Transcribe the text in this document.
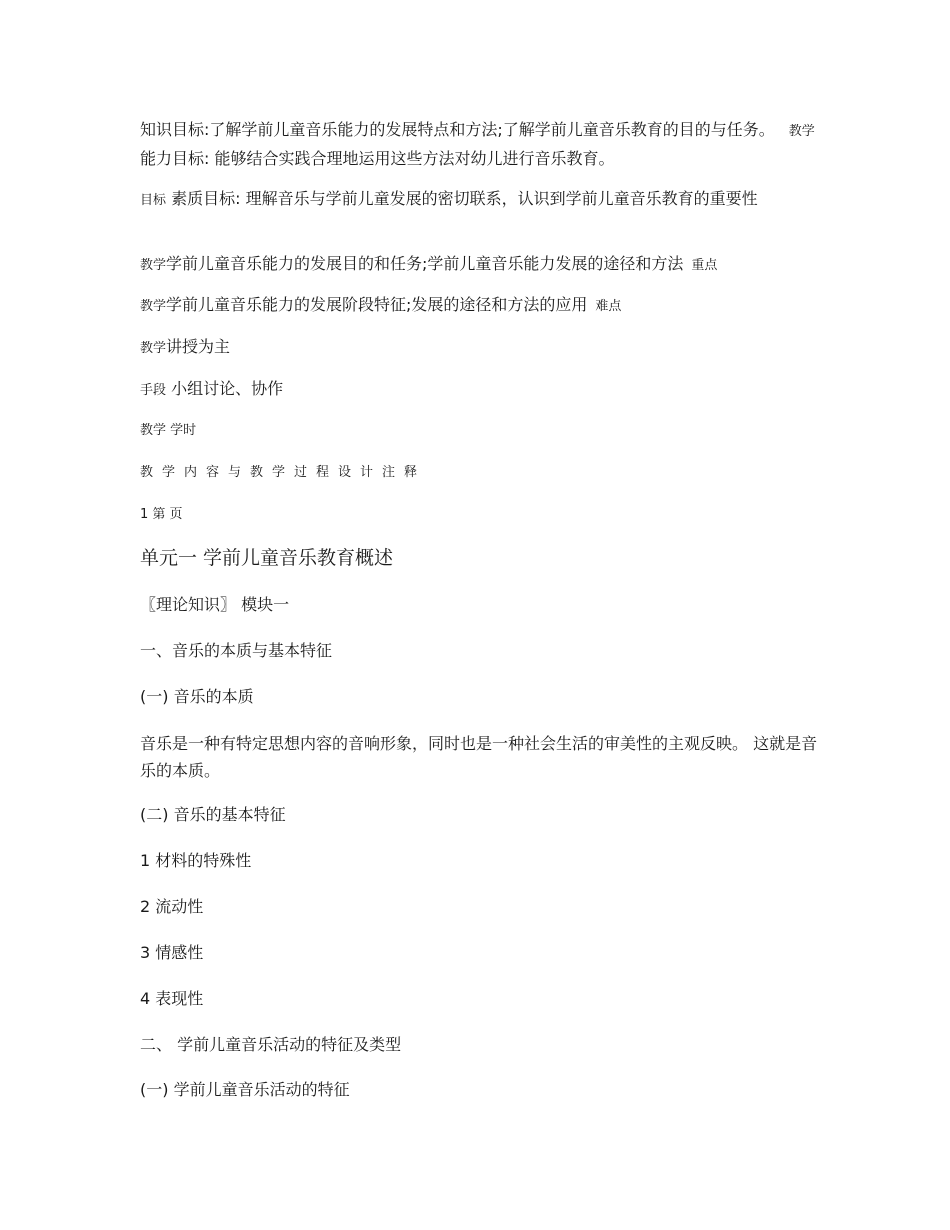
知识目标:了解学前儿童音乐能力的发展特点和方法;了解学前儿童音乐教育的目的与任务。 教学能力目标: 能够结合实践合理地运用这些方法对幼儿进行音乐教育。
目标 素质目标: 理解音乐与学前儿童发展的密切联系，认识到学前儿童音乐教育的重要性
教学学前儿童音乐能力的发展目的和任务;学前儿童音乐能力发展的途径和方法 重点
教学学前儿童音乐能力的发展阶段特征;发展的途径和方法的应用 难点
教学讲授为主
手段 小组讨论、协作
教学 学时
教学内容与教学过程设计注释
1 第 页
单元一 学前儿童音乐教育概述
〖理论知识〗 模块一
一、音乐的本质与基本特征
(一) 音乐的本质
音乐是一种有特定思想内容的音响形象，同时也是一种社会生活的审美性的主观反映。 这就是音乐的本质。
(二) 音乐的基本特征
1 材料的特殊性
2 流动性
3 情感性
4 表现性
二、 学前儿童音乐活动的特征及类型
(一) 学前儿童音乐活动的特征
